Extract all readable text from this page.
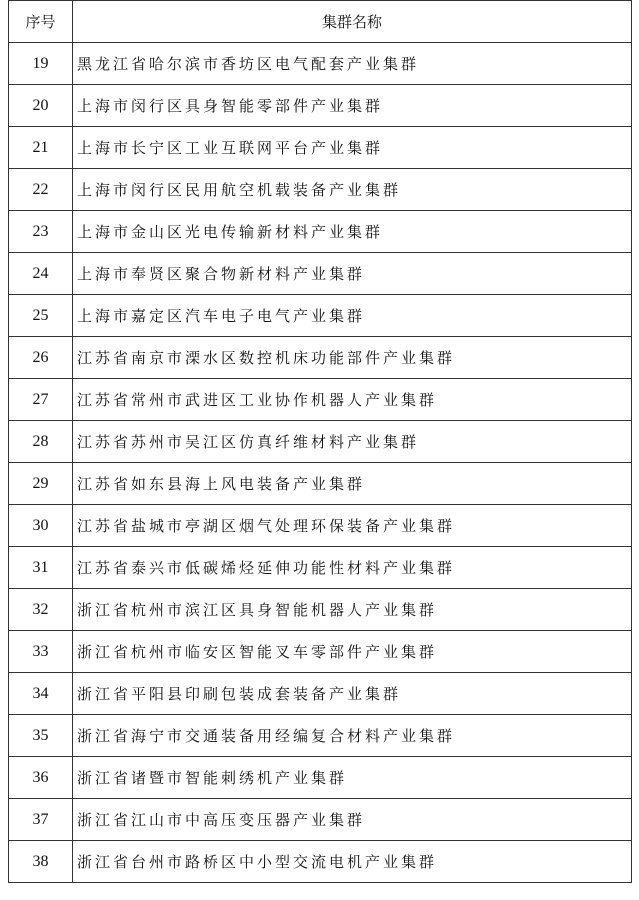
序号	集群名称
19	黑龙江省哈尔滨市香坊区电气配套产业集群
20	上海市闵行区具身智能零部件产业集群
21	上海市长宁区工业互联网平台产业集群
22	上海市闵行区民用航空机载装备产业集群
23	上海市金山区光电传输新材料产业集群
24	上海市奉贤区聚合物新材料产业集群
25	上海市嘉定区汽车电子电气产业集群
26	江苏省南京市溧水区数控机床功能部件产业集群
27	江苏省常州市武进区工业协作机器人产业集群
28	江苏省苏州市吴江区仿真纤维材料产业集群
29	江苏省如东县海上风电装备产业集群
30	江苏省盐城市亭湖区烟气处理环保装备产业集群
31	江苏省泰兴市低碳烯烃延伸功能性材料产业集群
32	浙江省杭州市滨江区具身智能机器人产业集群
33	浙江省杭州市临安区智能叉车零部件产业集群
34	浙江省平阳县印刷包装成套装备产业集群
35	浙江省海宁市交通装备用经编复合材料产业集群
36	浙江省诸暨市智能刺绣机产业集群
37	浙江省江山市中高压变压器产业集群
38	浙江省台州市路桥区中小型交流电机产业集群
